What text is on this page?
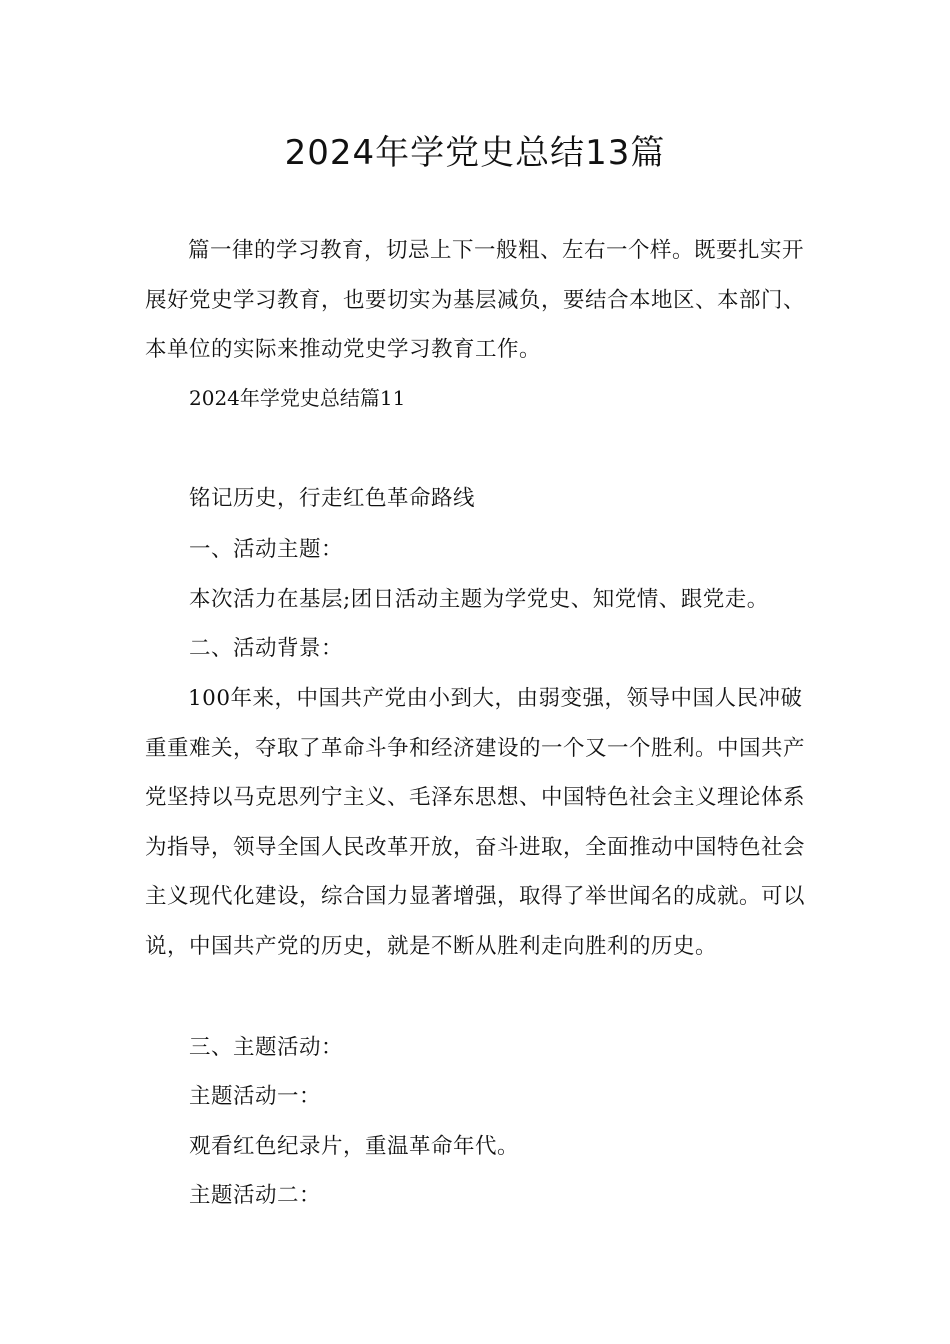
2024年学党史总结13篇

篇一律的学习教育，切忌上下一般粗、左右一个样。既要扎实开展好党史学习教育，也要切实为基层减负，要结合本地区、本部门、本单位的实际来推动党史学习教育工作。

2024年学党史总结篇11

铭记历史，行走红色革命路线

一、活动主题：

本次活力在基层;团日活动主题为学党史、知党情、跟党走。

二、活动背景：

100年来，中国共产党由小到大，由弱变强，领导中国人民冲破重重难关，夺取了革命斗争和经济建设的一个又一个胜利。中国共产党坚持以马克思列宁主义、毛泽东思想、中国特色社会主义理论体系为指导，领导全国人民改革开放，奋斗进取，全面推动中国特色社会主义现代化建设，综合国力显著增强，取得了举世闻名的成就。可以说，中国共产党的历史，就是不断从胜利走向胜利的历史。

三、主题活动：

主题活动一：

观看红色纪录片，重温革命年代。

主题活动二：
